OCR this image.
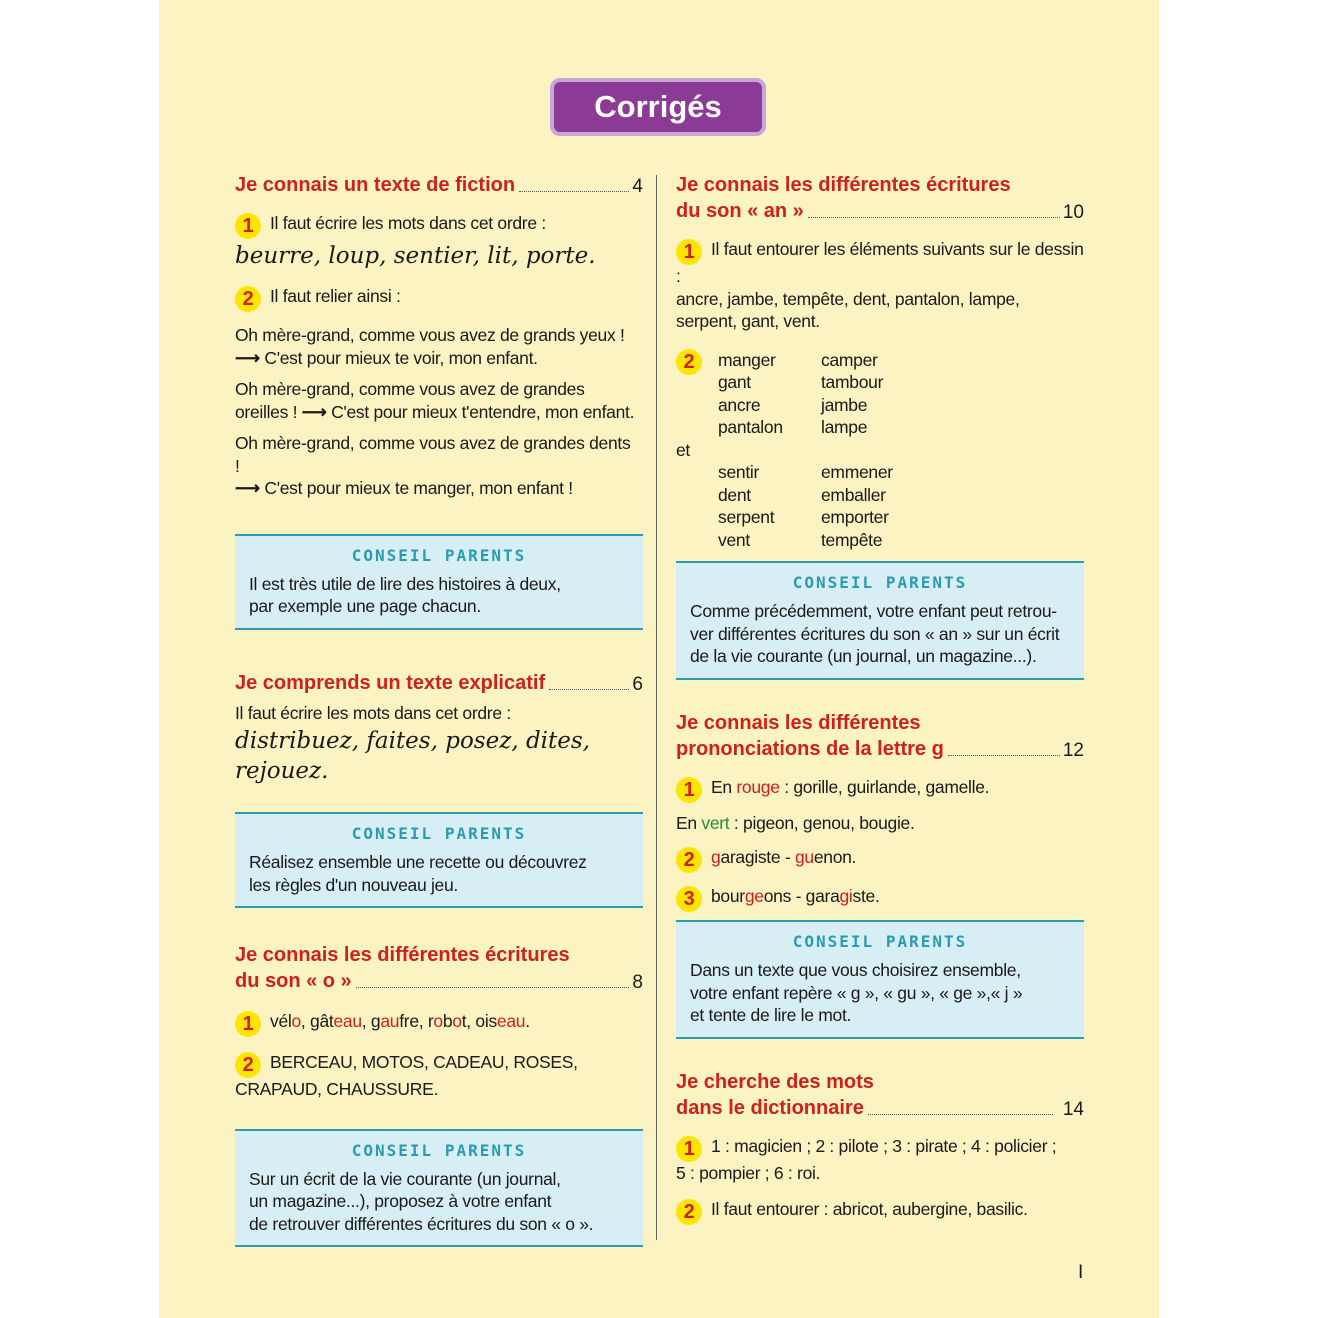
Corrigés
Je connais un texte de fiction	4

1 Il faut écrire les mots dans cet ordre :

beurre, loup, sentier, lit, porte.

2 Il faut relier ainsi :

Oh mère-grand, comme vous avez de grands yeux !
⟶ C'est pour mieux te voir, mon enfant.

Oh mère-grand, comme vous avez de grandes oreilles ! ⟶ C'est pour mieux t'entendre, mon enfant.

Oh mère-grand, comme vous avez de grandes dents !
⟶ C'est pour mieux te manger, mon enfant !

CONSEIL PARENTS

Il est très utile de lire des histoires à deux,

par exemple une page chacun.

Je comprends un texte explicatif	6

Il faut écrire les mots dans cet ordre :

distribuez, faites, posez, dites, rejouez.

CONSEIL PARENTS

Réalisez ensemble une recette ou découvrez

les règles d'un nouveau jeu.

Je connais les différentes écritures

du son « o »	8

1 vélo, gâteau, gaufre, robot, oiseau.

2 BERCEAU, MOTOS, CADEAU, ROSES,
CRAPAUD, CHAUSSURE.

CONSEIL PARENTS

Sur un écrit de la vie courante (un journal,

un magazine...), proposez à votre enfant

de retrouver différentes écritures du son « o ».

Je connais les différentes écritures

du son « an »	10

1 Il faut entourer les éléments suivants sur le dessin :
ancre, jambe, tempête, dent, pantalon, lampe,
serpent, gant, vent.

2	manger	camper
gant	tambour
ancre	jambe
pantalon	lampe

et

sentir	emmener
dent	emballer
serpent	emporter
vent	tempête

CONSEIL PARENTS

Comme précédemment, votre enfant peut retrou-

ver différentes écritures du son « an » sur un écrit

de la vie courante (un journal, un magazine...).

Je connais les différentes

prononciations de la lettre g	12

1 En rouge : gorille, guirlande, gamelle.

En vert : pigeon, genou, bougie.

2 garagiste - guenon.

3 bourgeons - garagiste.

CONSEIL PARENTS

Dans un texte que vous choisirez ensemble,

votre enfant repère « g », « gu », « ge »,« j »

et tente de lire le mot.

Je cherche des mots

dans le dictionnaire	14

1 1 : magicien ; 2 : pilote ; 3 : pirate ; 4 : policier ;
5 : pompier ; 6 : roi.

2 Il faut entourer : abricot, aubergine, basilic.

I
